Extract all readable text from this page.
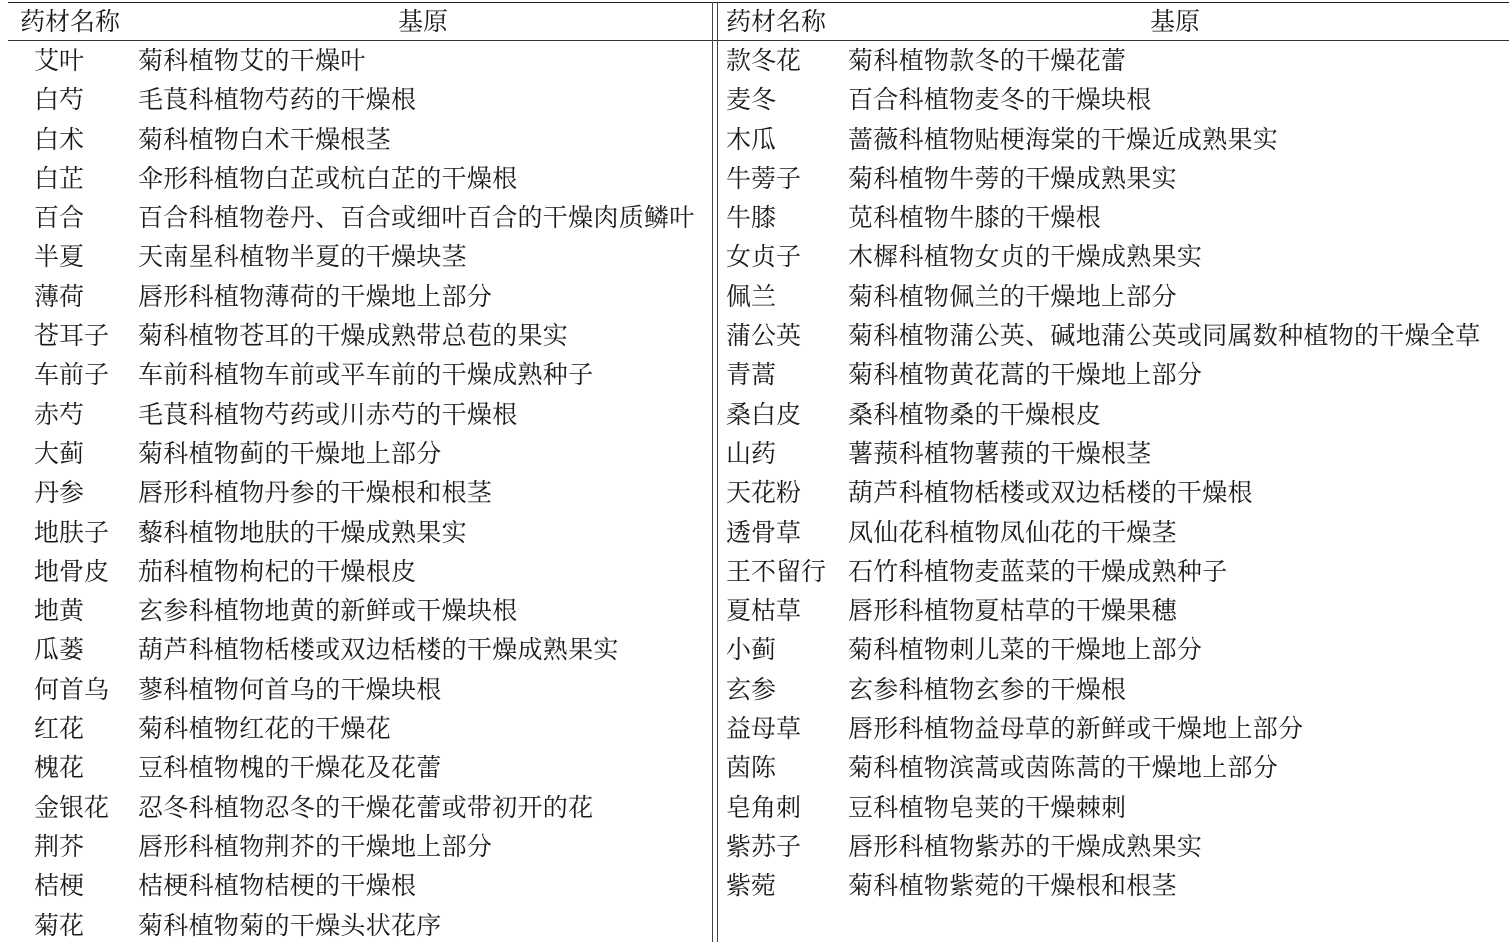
药材名称	基原
艾叶 菊科植物艾的干燥叶
白芍 毛茛科植物芍药的干燥根
白术 菊科植物白术干燥根茎
白芷 伞形科植物白芷或杭白芷的干燥根
百合 百合科植物卷丹、百合或细叶百合的干燥肉质鳞叶
半夏 天南星科植物半夏的干燥块茎
薄荷 唇形科植物薄荷的干燥地上部分
苍耳子 菊科植物苍耳的干燥成熟带总苞的果实
车前子 车前科植物车前或平车前的干燥成熟种子
赤芍 毛茛科植物芍药或川赤芍的干燥根
大蓟 菊科植物蓟的干燥地上部分
丹参 唇形科植物丹参的干燥根和根茎
地肤子 藜科植物地肤的干燥成熟果实
地骨皮 茄科植物枸杞的干燥根皮
地黄 玄参科植物地黄的新鲜或干燥块根
瓜蒌 葫芦科植物栝楼或双边栝楼的干燥成熟果实
何首乌 蓼科植物何首乌的干燥块根
红花 菊科植物红花的干燥花
槐花 豆科植物槐的干燥花及花蕾
金银花 忍冬科植物忍冬的干燥花蕾或带初开的花
荆芥 唇形科植物荆芥的干燥地上部分
桔梗 桔梗科植物桔梗的干燥根
菊花 菊科植物菊的干燥头状花序
药材名称	基原
款冬花 菊科植物款冬的干燥花蕾
麦冬	百合科植物麦冬的干燥块根
木瓜	蔷薇科植物贴梗海棠的干燥近成熟果实
牛蒡子 菊科植物牛蒡的干燥成熟果实
牛膝	苋科植物牛膝的干燥根
女贞子 木樨科植物女贞的干燥成熟果实
佩兰	菊科植物佩兰的干燥地上部分
蒲公英 菊科植物蒲公英、碱地蒲公英或同属数种植物的干燥全草
青蒿	菊科植物黄花蒿的干燥地上部分
桑白皮 桑科植物桑的干燥根皮
山药	薯蓣科植物薯蓣的干燥根茎
天花粉 葫芦科植物栝楼或双边栝楼的干燥根
透骨草 凤仙花科植物凤仙花的干燥茎
王不留行 石竹科植物麦蓝菜的干燥成熟种子
夏枯草 唇形科植物夏枯草的干燥果穗
小蓟	菊科植物刺儿菜的干燥地上部分
玄参	玄参科植物玄参的干燥根
益母草 唇形科植物益母草的新鲜或干燥地上部分
茵陈	菊科植物滨蒿或茵陈蒿的干燥地上部分
皂角刺 豆科植物皂荚的干燥棘刺
紫苏子 唇形科植物紫苏的干燥成熟果实
紫菀	菊科植物紫菀的干燥根和根茎
